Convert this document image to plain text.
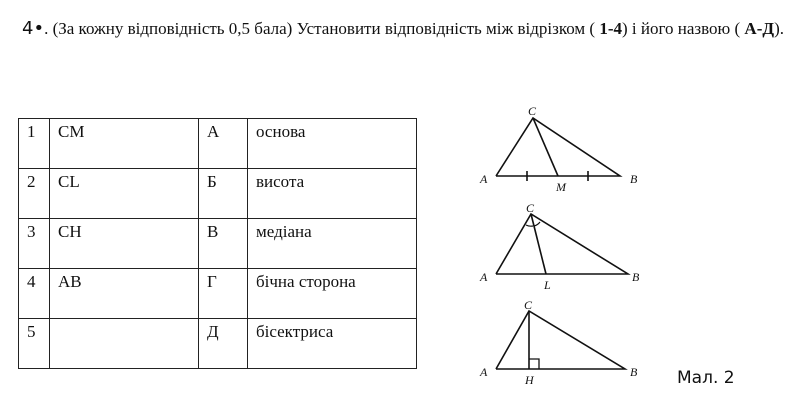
4•. (За кожну відповідність 0,5 бала) Установити відповідність між відрізком ( 1-4) і його назвою ( А-Д).
1	CM	А	основа
2	CL	Б	висота
3	CH	В	медіана
4	AB	Г	бічна сторона
5		Д	бісектриса
A
C
M
B
A
C
L
B
A
C
H
B Мал. 2
